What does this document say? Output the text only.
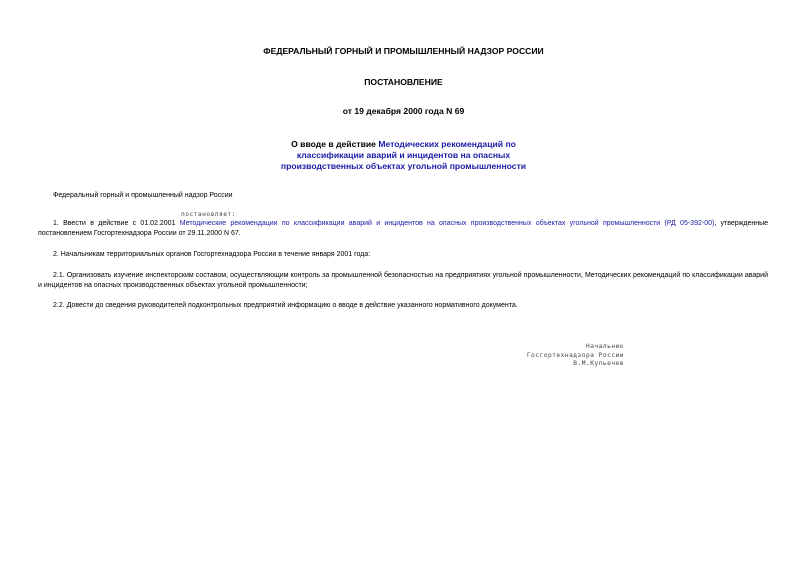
ФЕДЕРАЛЬНЫЙ ГОРНЫЙ И ПРОМЫШЛЕННЫЙ НАДЗОР РОССИИ
ПОСТАНОВЛЕНИЕ
от 19 декабря 2000 года N 69
О вводе в действие Методических рекомендаций по классификации аварий и инцидентов на опасных производственных объектах угольной промышленности
Федеральный горный и промышленный надзор России
постановляет:
1. Ввести в действие с 01.02.2001 Методические рекомендации по классификации аварий и инцидентов на опасных производственных объектах угольной промышленности (РД 05-392-00), утвержденные постановлением Госгортехнадзора России от 29.11.2000 N 67.
2. Начальникам территориальных органов Госгортехнадзора России в течение января 2001 года:
2.1. Организовать изучение инспекторским составом, осуществляющим контроль за промышленной безопасностью на предприятиях угольной промышленности, Методических рекомендаций по классификации аварий и инцидентов на опасных производственных объектах угольной промышленности;
2.2. Довести до сведения руководителей подконтрольных предприятий информацию о вводе в действие указанного нормативного документа.
Начальник
Госгортехнадзора России
В.М.Кульечев
